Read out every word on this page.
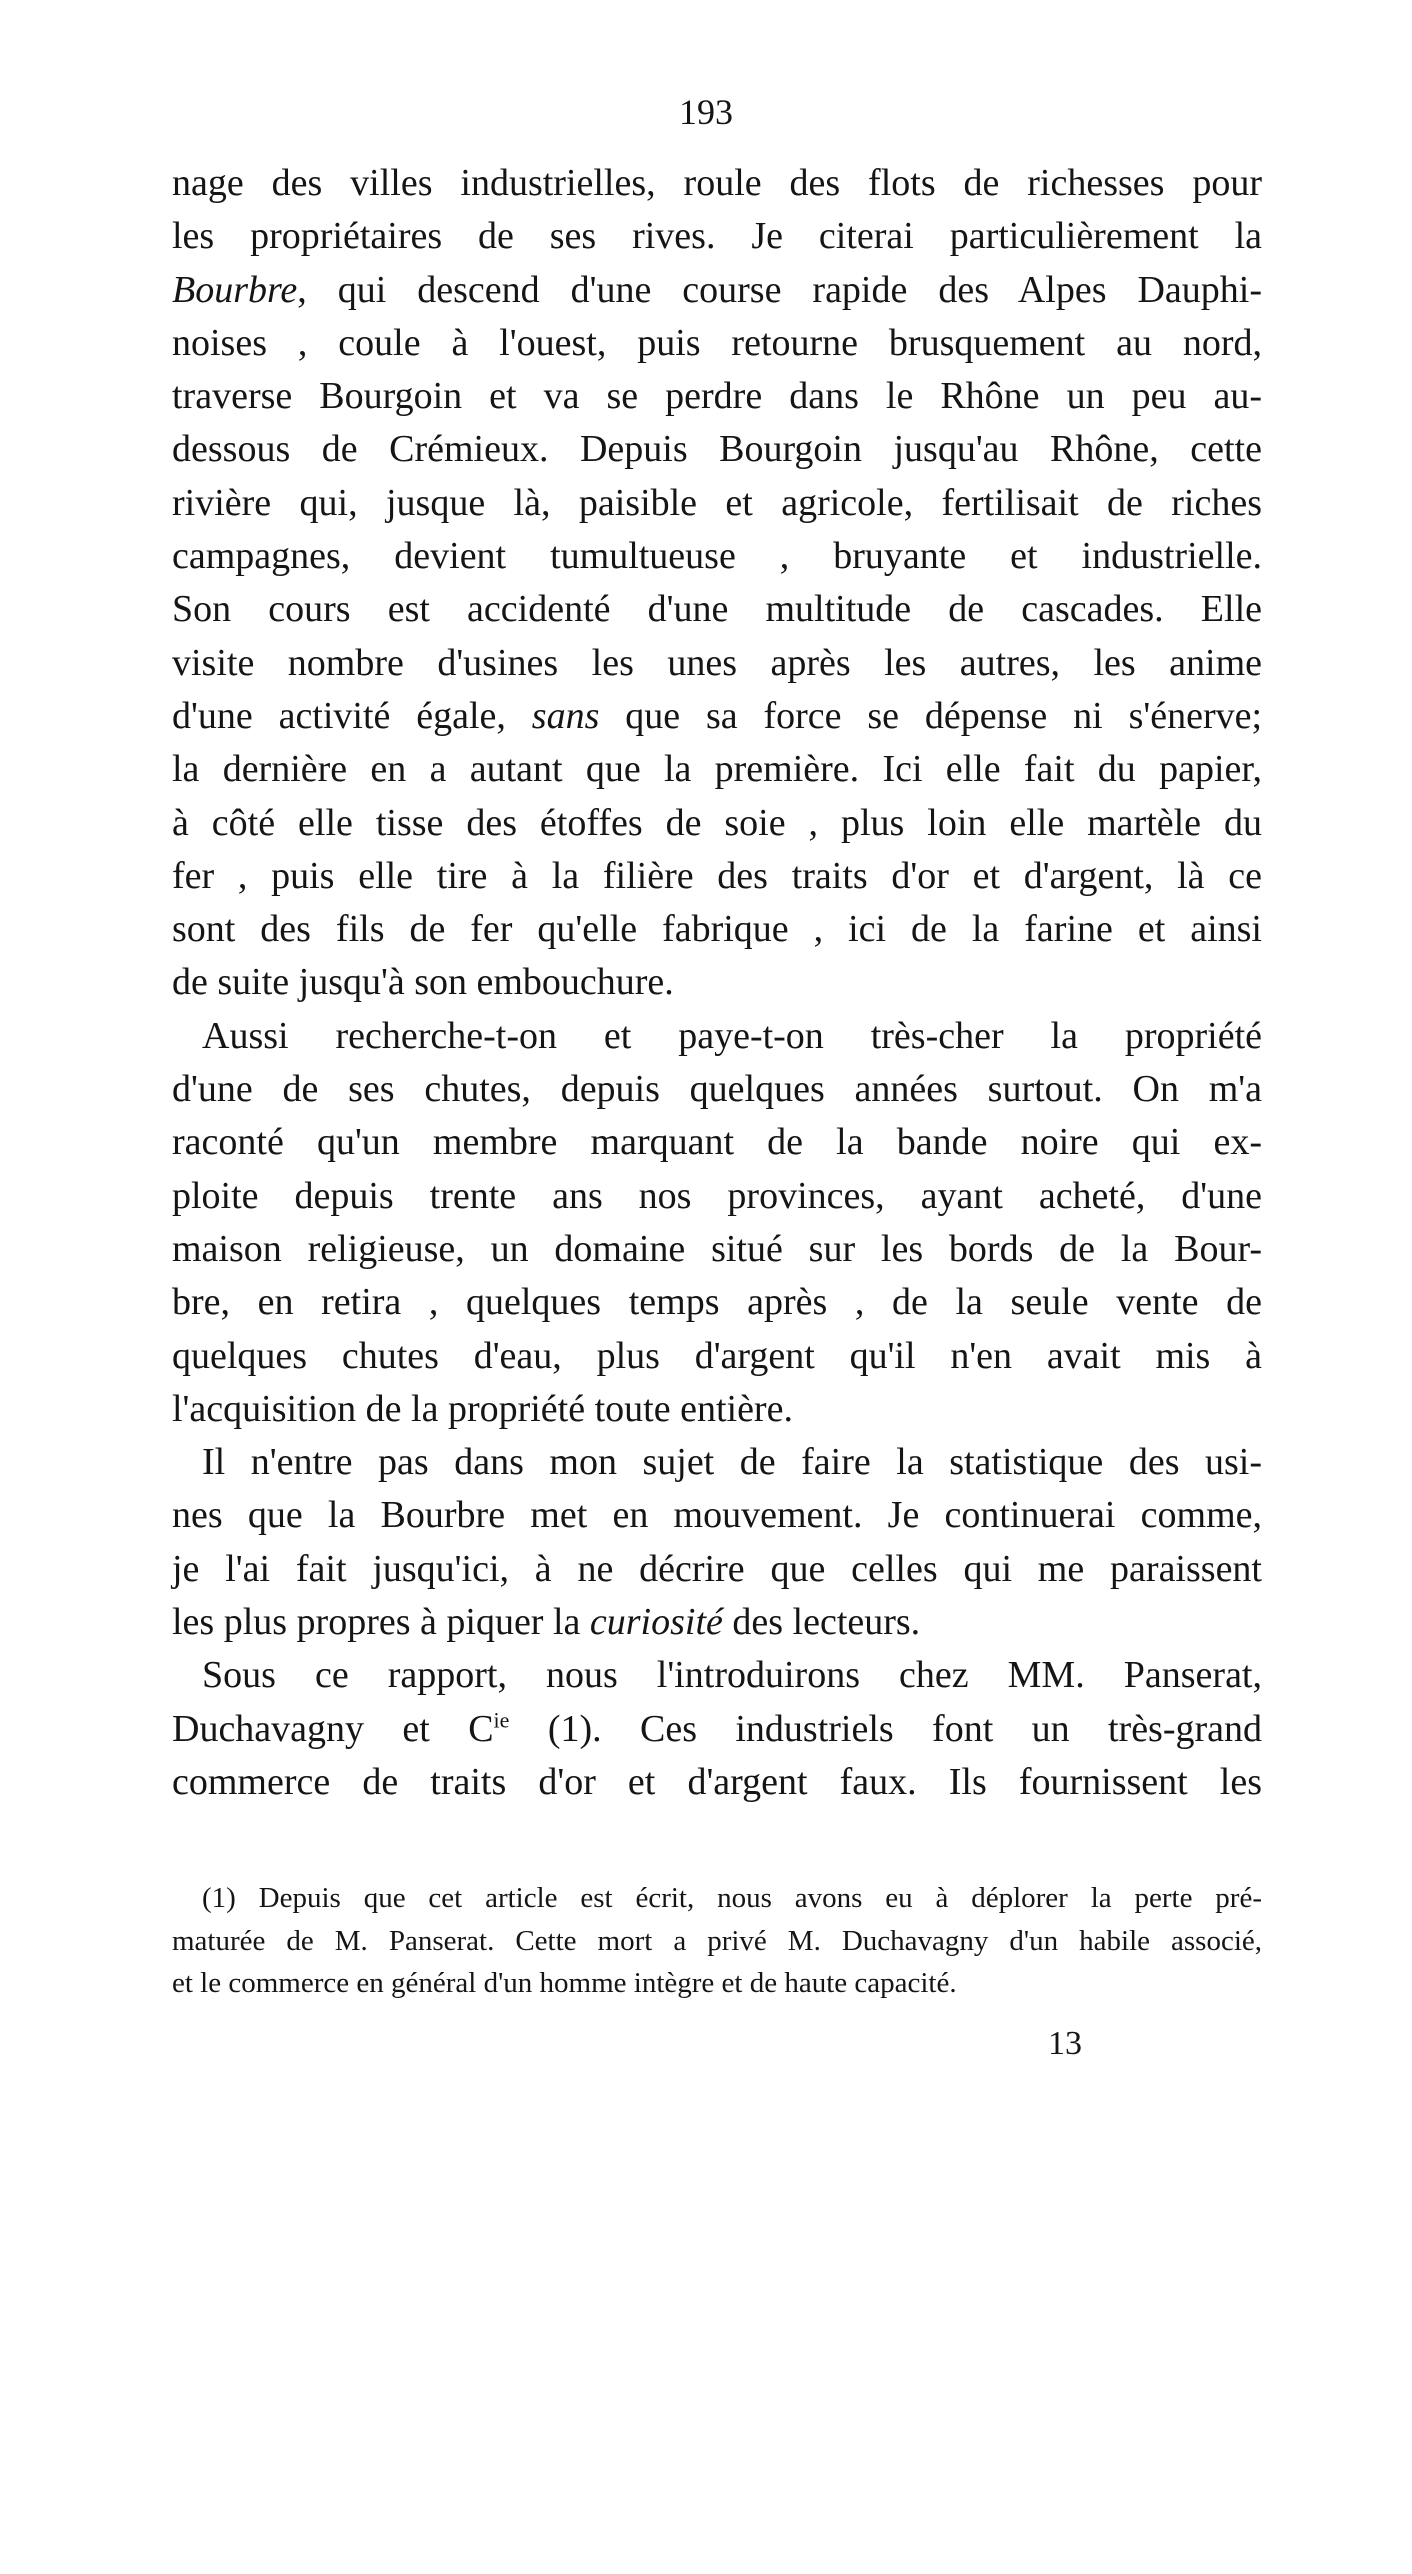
193
nage des villes industrielles, roule des flots de richesses pour
les propriétaires de ses rives. Je citerai particulièrement la
Bourbre, qui descend d'une course rapide des Alpes Dauphi-
noises , coule à l'ouest, puis retourne brusquement au nord,
traverse Bourgoin et va se perdre dans le Rhône un peu au-
dessous de Crémieux. Depuis Bourgoin jusqu'au Rhône, cette
rivière qui, jusque là, paisible et agricole, fertilisait de riches
campagnes, devient tumultueuse , bruyante et industrielle.
Son cours est accidenté d'une multitude de cascades. Elle
visite nombre d'usines les unes après les autres, les anime
d'une activité égale, sans que sa force se dépense ni s'énerve;
la dernière en a autant que la première. Ici elle fait du papier,
à côté elle tisse des étoffes de soie , plus loin elle martèle du
fer , puis elle tire à la filière des traits d'or et d'argent, là ce
sont des fils de fer qu'elle fabrique , ici de la farine et ainsi
de suite jusqu'à son embouchure.
Aussi recherche-t-on et paye-t-on très-cher la propriété
d'une de ses chutes, depuis quelques années surtout. On m'a
raconté qu'un membre marquant de la bande noire qui ex-
ploite depuis trente ans nos provinces, ayant acheté, d'une
maison religieuse, un domaine situé sur les bords de la Bour-
bre, en retira , quelques temps après , de la seule vente de
quelques chutes d'eau, plus d'argent qu'il n'en avait mis à
l'acquisition de la propriété toute entière.
Il n'entre pas dans mon sujet de faire la statistique des usi-
nes que la Bourbre met en mouvement. Je continuerai comme,
je l'ai fait jusqu'ici, à ne décrire que celles qui me paraissent
les plus propres à piquer la curiosité des lecteurs.
Sous ce rapport, nous l'introduirons chez MM. Panserat,
Duchavagny et $C^{ie}$ (1). Ces industriels font un très-grand
commerce de traits d'or et d'argent faux. Ils fournissent les
(1) Depuis que cet article est écrit, nous avons eu à déplorer la perte pré-
maturée de M. Panserat. Cette mort a privé M. Duchavagny d'un habile associé,
et le commerce en général d'un homme intègre et de haute capacité.
13
